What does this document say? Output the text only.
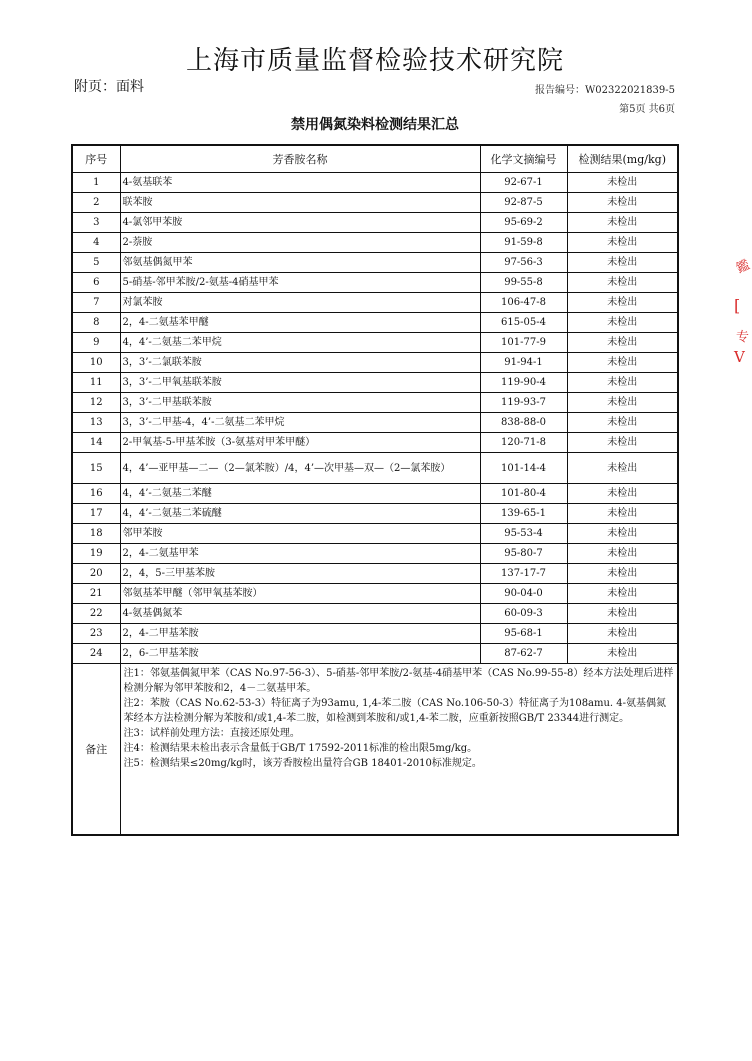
上海市质量监督检验技术研究院
附页：面料	报告编号：W02322021839-5
第5页 共6页
禁用偶氮染料检测结果汇总
序号	芳香胺名称	化学文摘编号	检测结果(mg/kg)
1	4-氨基联苯	92-67-1	未检出
2	联苯胺	92-87-5	未检出
3	4-氯邻甲苯胺	95-69-2	未检出
4	2-萘胺	91-59-8	未检出
5	邻氨基偶氮甲苯	97-56-3	未检出
6	5-硝基-邻甲苯胺/2-氨基-4硝基甲苯	99-55-8	未检出
7	对氯苯胺	106-47-8	未检出
8	2，4-二氨基苯甲醚	615-05-4	未检出
9	4，4’-二氨基二苯甲烷	101-77-9	未检出
10	3，3’-二氯联苯胺	91-94-1	未检出
11	3，3’-二甲氧基联苯胺	119-90-4	未检出
12	3，3’-二甲基联苯胺	119-93-7	未检出
13	3，3’-二甲基-4，4’-二氨基二苯甲烷	838-88-0	未检出
14	2-甲氧基-5-甲基苯胺（3-氨基对甲苯甲醚）	120-71-8	未检出
15	4，4’—亚甲基—二—（2—氯苯胺）/4，4’—次甲基—双—（2—氯苯胺）	101-14-4	未检出
16	4，4’-二氨基二苯醚	101-80-4	未检出
17	4，4’-二氨基二苯硫醚	139-65-1	未检出
18	邻甲苯胺	95-53-4	未检出
19	2，4-二氨基甲苯	95-80-7	未检出
20	2，4，5-三甲基苯胺	137-17-7	未检出
21	邻氨基苯甲醚（邻甲氧基苯胺）	90-04-0	未检出
22	4-氨基偶氮苯	60-09-3	未检出
23	2，4-二甲基苯胺	95-68-1	未检出
24	2，6-二甲基苯胺	87-62-7	未检出
备注	注1：邻氨基偶氮甲苯（CAS No.97-56-3）、5-硝基-邻甲苯胺/2-氨基-4硝基甲苯（CAS No.99-55-8）经本方法处理后进样检测分解为邻甲苯胺和2，4－二氨基甲苯。
注2：苯胺（CAS No.62-53-3）特征离子为93amu, 1,4-苯二胺（CAS No.106-50-3）特征离子为108amu. 4-氨基偶氮苯经本方法检测分解为苯胺和/或1,4-苯二胺，如检测到苯胺和/或1,4-苯二胺，应重新按照GB/T 23344进行测定。
注3：试样前处理方法：直接还原处理。
注4：检测结果未检出表示含量低于GB/T 17592-2011标准的检出限5mg/kg。
注5：检测结果≤20mg/kg时，该芳香胺检出量符合GB 18401-2010标准规定。		
鑑
[
专
V
